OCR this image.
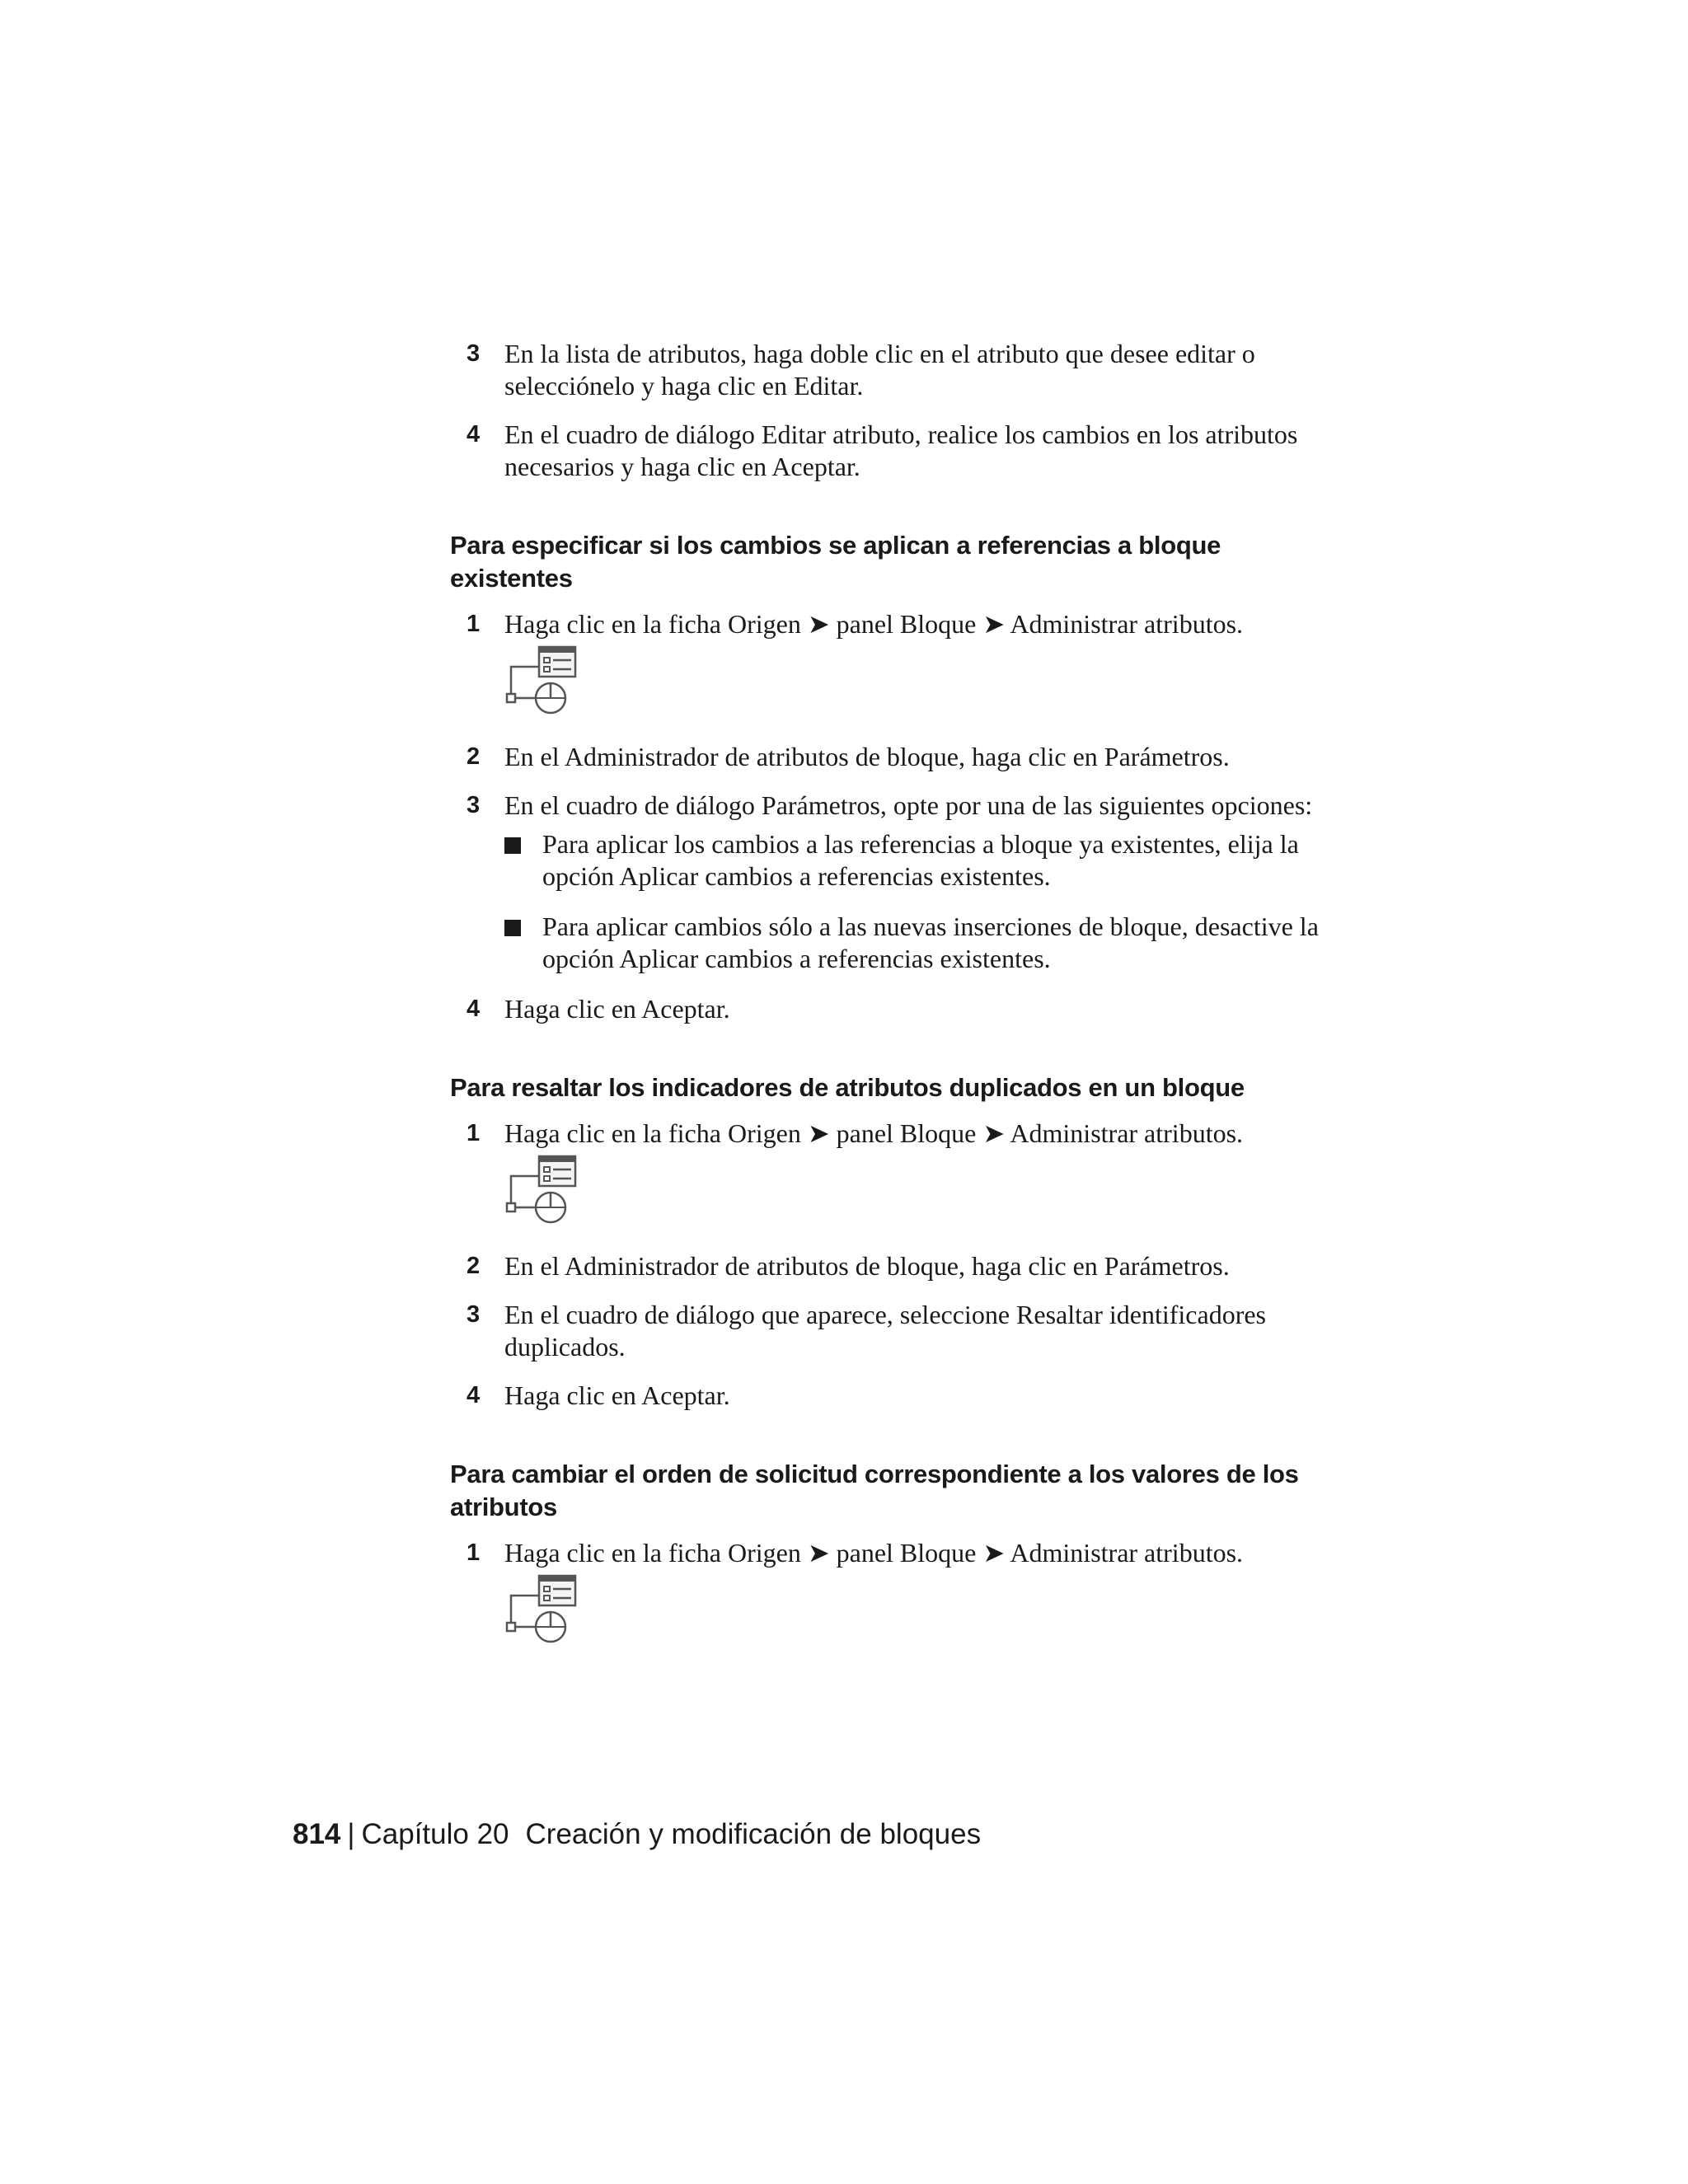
3 En la lista de atributos, haga doble clic en el atributo que desee editar o selecciónelo y haga clic en Editar.
4 En el cuadro de diálogo Editar atributo, realice los cambios en los atributos necesarios y haga clic en Aceptar.
Para especificar si los cambios se aplican a referencias a bloque existentes
1 Haga clic en la ficha Origen ➤ panel Bloque ➤ Administrar atributos.
2 En el Administrador de atributos de bloque, haga clic en Parámetros.
3 En el cuadro de diálogo Parámetros, opte por una de las siguientes opciones:
Para aplicar los cambios a las referencias a bloque ya existentes, elija la opción Aplicar cambios a referencias existentes.
Para aplicar cambios sólo a las nuevas inserciones de bloque, desactive la opción Aplicar cambios a referencias existentes.
4 Haga clic en Aceptar.
Para resaltar los indicadores de atributos duplicados en un bloque
1 Haga clic en la ficha Origen ➤ panel Bloque ➤ Administrar atributos.
2 En el Administrador de atributos de bloque, haga clic en Parámetros.
3 En el cuadro de diálogo que aparece, seleccione Resaltar identificadores duplicados.
4 Haga clic en Aceptar.
Para cambiar el orden de solicitud correspondiente a los valores de los atributos
1 Haga clic en la ficha Origen ➤ panel Bloque ➤ Administrar atributos.
814 | Capítulo 20 Creación y modificación de bloques
